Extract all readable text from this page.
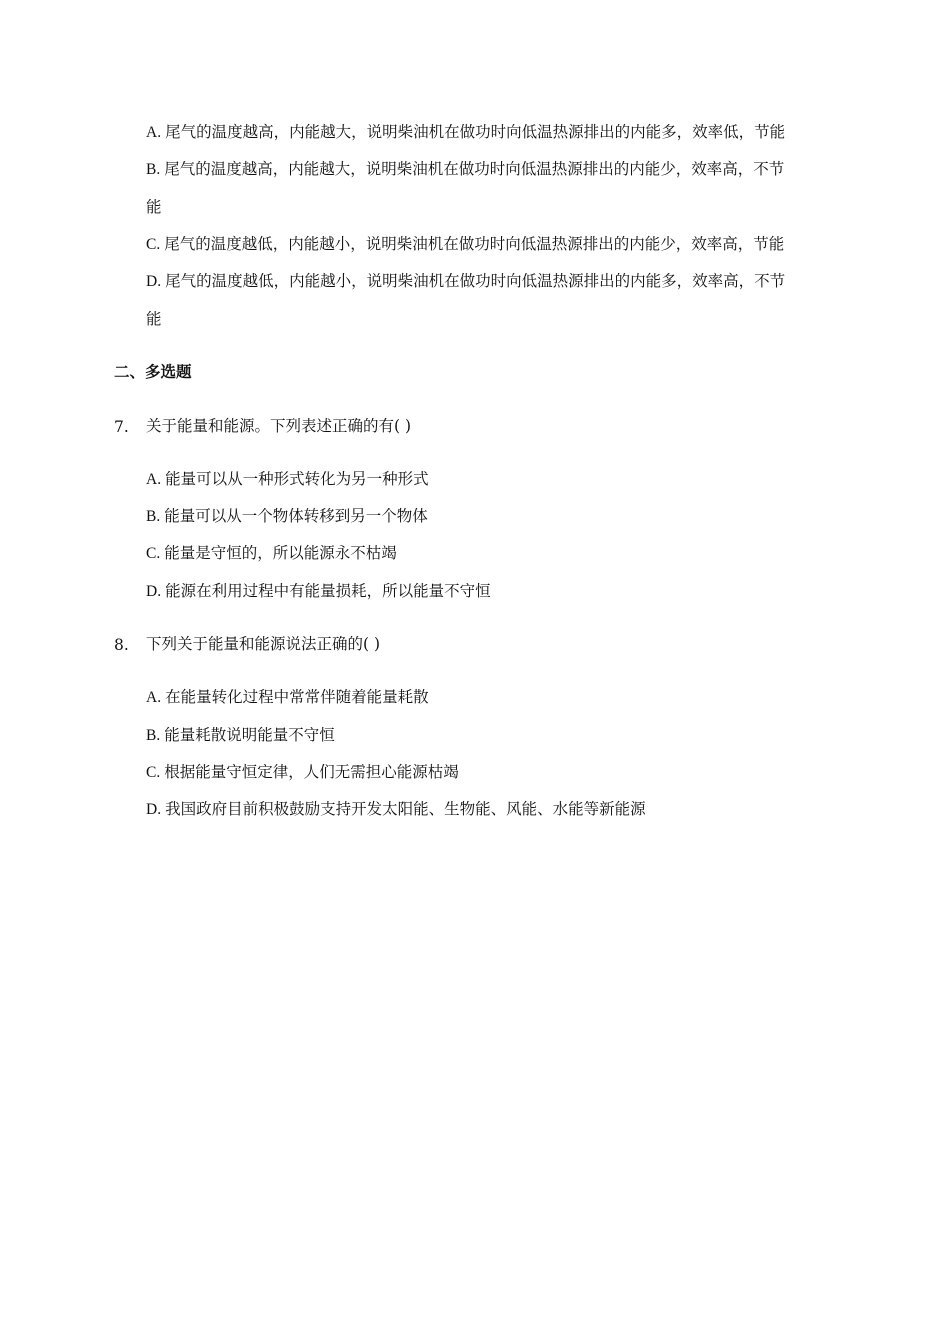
A. 尾气的温度越高，内能越大，说明柴油机在做功时向低温热源排出的内能多，效率低，节能
B. 尾气的温度越高，内能越大，说明柴油机在做功时向低温热源排出的内能少，效率高，不节
能
C. 尾气的温度越低，内能越小，说明柴油机在做功时向低温热源排出的内能少，效率高，节能
D. 尾气的温度越低，内能越小，说明柴油机在做功时向低温热源排出的内能多，效率高，不节
能
二、多选题
7. 关于能量和能源。下列表述正确的有( )
A. 能量可以从一种形式转化为另一种形式
B. 能量可以从一个物体转移到另一个物体
C. 能量是守恒的，所以能源永不枯竭
D. 能源在利用过程中有能量损耗，所以能量不守恒
8. 下列关于能量和能源说法正确的( )
A. 在能量转化过程中常常伴随着能量耗散
B. 能量耗散说明能量不守恒
C. 根据能量守恒定律，人们无需担心能源枯竭
D. 我国政府目前积极鼓励支持开发太阳能、生物能、风能、水能等新能源
